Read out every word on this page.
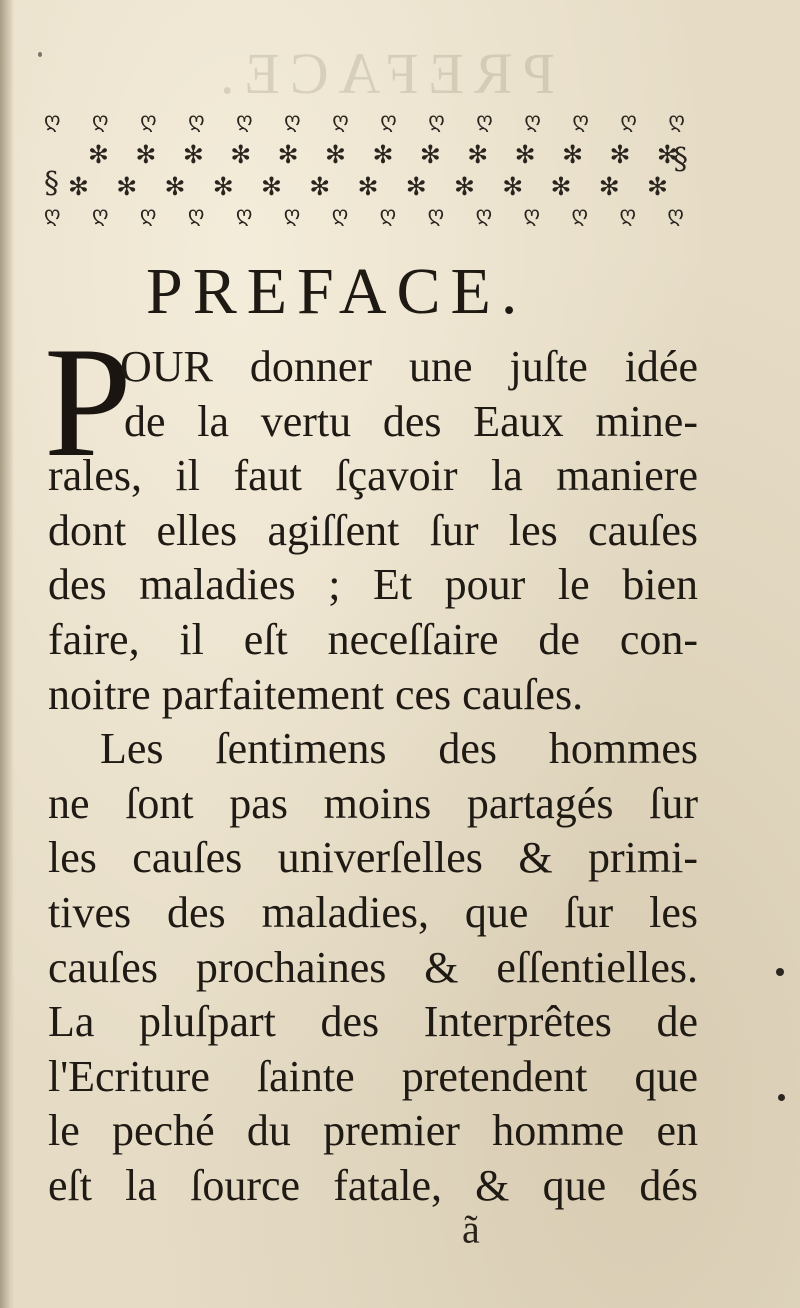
PREFACE.
ღ ღ ღ ღ ღ ღ ღ ღ ღ ღ ღ ღ ღ ღ
✻ ✻ ✻ ✻ ✻ ✻ ✻ ✻ ✻ ✻ ✻ ✻ ✻
✻ ✻ ✻ ✻ ✻ ✻ ✻ ✻ ✻ ✻ ✻ ✻ ✻
ღ ღ ღ ღ ღ ღ ღ ღ ღ ღ ღ ღ ღ ღ
§
§
PREFACE.
P
OUR donner une juſte idée
de la vertu des Eaux mine-
rales, il faut ſçavoir la maniere
dont elles agiſſent ſur les cauſes
des maladies ; Et pour le bien
faire, il eſt neceſſaire de con-
noitre parfaitement ces cauſes.
Les ſentimens des hommes
ne ſont pas moins partagés ſur
les cauſes univerſelles & primi-
tives des maladies, que ſur les
cauſes prochaines & eſſentielles.
La pluſpart des Interprêtes de
l'Ecriture ſainte pretendent que
le peché du premier homme en
eſt la ſource fatale, & que dés
ã
